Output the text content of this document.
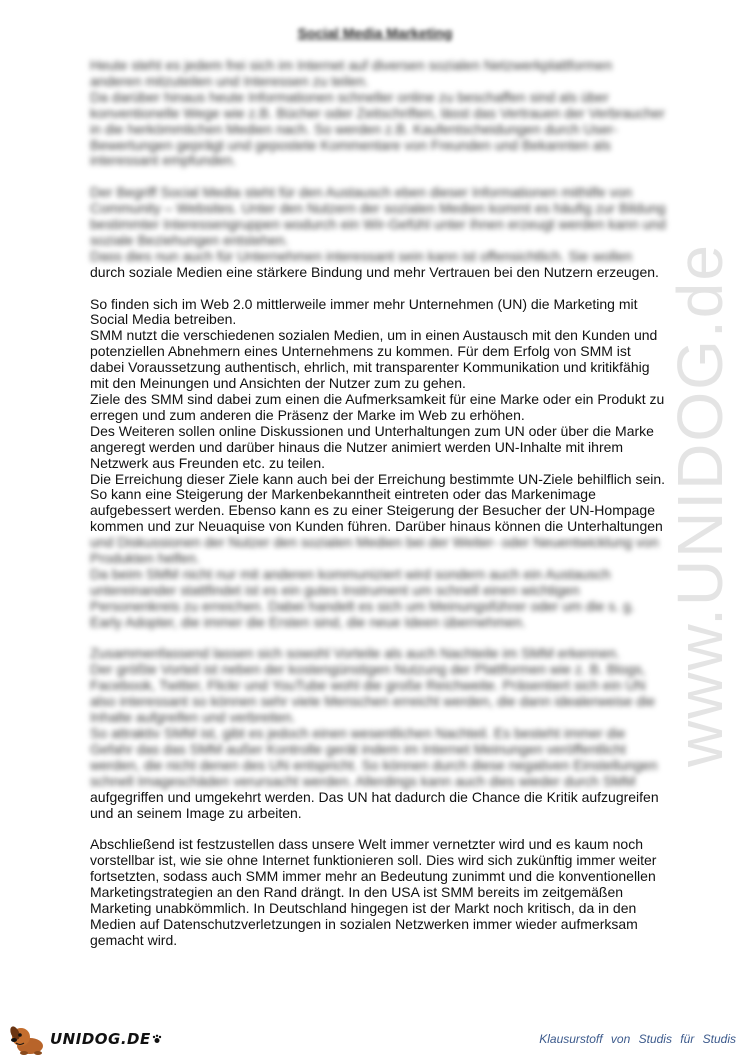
www.UNIDOG.de
Social Media Marketing

Heute steht es jedem frei sich im Internet auf diversen sozialen Netzwerkplattformen
anderen mitzuteilen und Interessen zu teilen.
Da darüber hinaus heute Informationen schneller online zu beschaffen sind als über
konventionelle Wege wie z.B. Bücher oder Zeitschriften, lässt das Vertrauen der Verbraucher
in die herkömmlichen Medien nach. So werden z.B. Kaufentscheidungen durch User-
Bewertungen geprägt und gepostete Kommentare von Freunden und Bekannten als
interessant empfunden.

Der Begriff Social Media steht für den Austausch eben dieser Informationen mithilfe von
Community – Websites. Unter den Nutzern der sozialen Medien kommt es häufig zur Bildung
bestimmter Interessengruppen wodurch ein Wir-Gefühl unter ihnen erzeugt werden kann und
soziale Beziehungen entstehen.
Dass dies nun auch für Unternehmen interessant sein kann ist offensichtlich. Sie wollen
durch soziale Medien eine stärkere Bindung und mehr Vertrauen bei den Nutzern erzeugen.

So finden sich im Web 2.0 mittlerweile immer mehr Unternehmen (UN) die Marketing mit
Social Media betreiben.
SMM nutzt die verschiedenen sozialen Medien, um in einen Austausch mit den Kunden und
potenziellen Abnehmern eines Unternehmens zu kommen. Für dem Erfolg von SMM ist
dabei Voraussetzung authentisch, ehrlich, mit transparenter Kommunikation und kritikfähig
mit den Meinungen und Ansichten der Nutzer zum zu gehen.
Ziele des SMM sind dabei zum einen die Aufmerksamkeit für eine Marke oder ein Produkt zu
erregen und zum anderen die Präsenz der Marke im Web zu erhöhen.
Des Weiteren sollen online Diskussionen und Unterhaltungen zum UN oder über die Marke
angeregt werden und darüber hinaus die Nutzer animiert werden UN-Inhalte mit ihrem
Netzwerk aus Freunden etc. zu teilen.
Die Erreichung dieser Ziele kann auch bei der Erreichung bestimmte UN-Ziele behilflich sein.
So kann eine Steigerung der Markenbekanntheit eintreten oder das Markenimage
aufgebessert werden. Ebenso kann es zu einer Steigerung der Besucher der UN-Hompage
kommen und zur Neuaquise von Kunden führen. Darüber hinaus können die Unterhaltungen
und Diskussionen der Nutzer den sozialen Medien bei der Weiter- oder Neuentwicklung von
Produkten helfen.
Da beim SMM nicht nur mit anderen kommuniziert wird sondern auch ein Austausch
untereinander stattfindet ist es ein gutes Instrument um schnell einen wichtigen
Personenkreis zu erreichen. Dabei handelt es sich um Meinungsführer oder um die s. g.
Early Adopter, die immer die Ersten sind, die neue Ideen übernehmen.

Zusammenfassend lassen sich sowohl Vorteile als auch Nachteile im SMM erkennen.
Der größte Vorteil ist neben der kostengünstigen Nutzung der Plattformen wie z. B. Blogs,
Facebook, Twitter, Flickr und YouTube wohl die große Reichweite. Präsentiert sich ein UN
also interessant so können sehr viele Menschen erreicht werden, die dann idealerweise die
Inhalte aufgreifen und verbreiten.
So attraktiv SMM ist, gibt es jedoch einen wesentlichen Nachteil. Es besteht immer die
Gefahr das das SMM außer Kontrolle gerät indem im Internet Meinungen veröffentlicht
werden, die nicht denen des UN entspricht. So können durch diese negativen Einstellungen
schnell Imageschäden verursacht werden. Allerdings kann auch dies wieder durch SMM
aufgegriffen und umgekehrt werden. Das UN hat dadurch die Chance die Kritik aufzugreifen
und an seinem Image zu arbeiten.

Abschließend ist festzustellen dass unsere Welt immer vernetzter wird und es kaum noch
vorstellbar ist, wie sie ohne Internet funktionieren soll. Dies wird sich zukünftig immer weiter
fortsetzten, sodass auch SMM immer mehr an Bedeutung zunimmt und die konventionellen
Marketingstrategien an den Rand drängt. In den USA ist SMM bereits im zeitgemäßen
Marketing unabkömmlich. In Deutschland hingegen ist der Markt noch kritisch, da in den
Medien auf Datenschutzverletzungen in sozialen Netzwerken immer wieder aufmerksam
gemacht wird.

UNIDOG.DE	Klausurstoff von Studis für Studis
